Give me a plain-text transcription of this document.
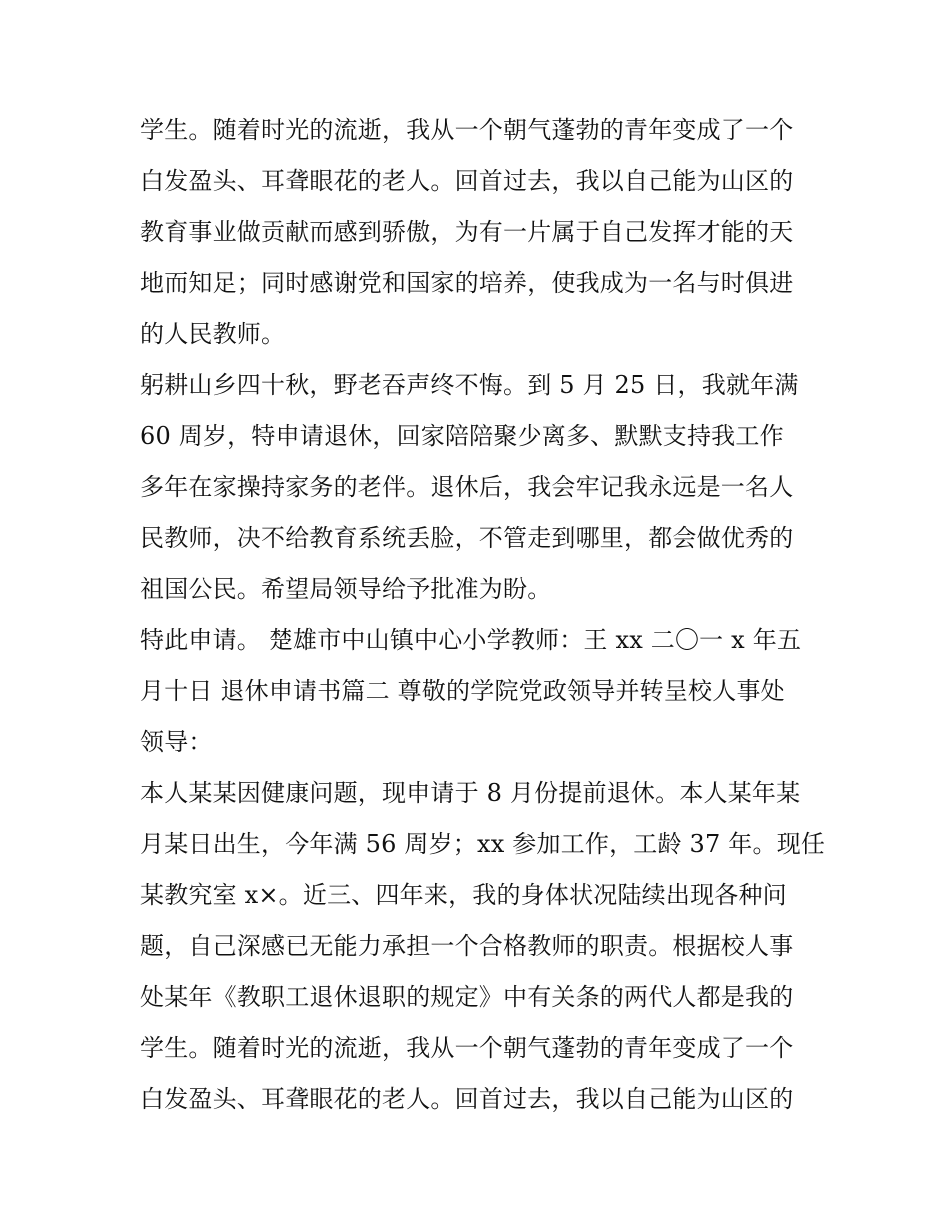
学生。随着时光的流逝，我从一个朝气蓬勃的青年变成了一个
白发盈头、耳聋眼花的老人。回首过去，我以自己能为山区的
教育事业做贡献而感到骄傲，为有一片属于自己发挥才能的天
地而知足；同时感谢党和国家的培养，使我成为一名与时俱进
的人民教师。
躬耕山乡四十秋，野老吞声终不悔。到 5 月 25 日，我就年满
60 周岁，特申请退休，回家陪陪聚少离多、默默支持我工作
多年在家操持家务的老伴。退休后，我会牢记我永远是一名人
民教师，决不给教育系统丢脸，不管走到哪里，都会做优秀的
祖国公民。希望局领导给予批准为盼。
特此申请。 楚雄市中山镇中心小学教师：王 xx 二〇一 x 年五
月十日 退休申请书篇二 尊敬的学院党政领导并转呈校人事处
领导：
本人某某因健康问题，现申请于 8 月份提前退休。本人某年某
月某日出生，今年满 56 周岁；xx 参加工作，工龄 37 年。现任
某教究室 x×。近三、四年来，我的身体状况陆续出现各种问
题，自己深感已无能力承担一个合格教师的职责。根据校人事
处某年《教职工退休退职的规定》中有关条的两代人都是我的
学生。随着时光的流逝，我从一个朝气蓬勃的青年变成了一个
白发盈头、耳聋眼花的老人。回首过去，我以自己能为山区的
